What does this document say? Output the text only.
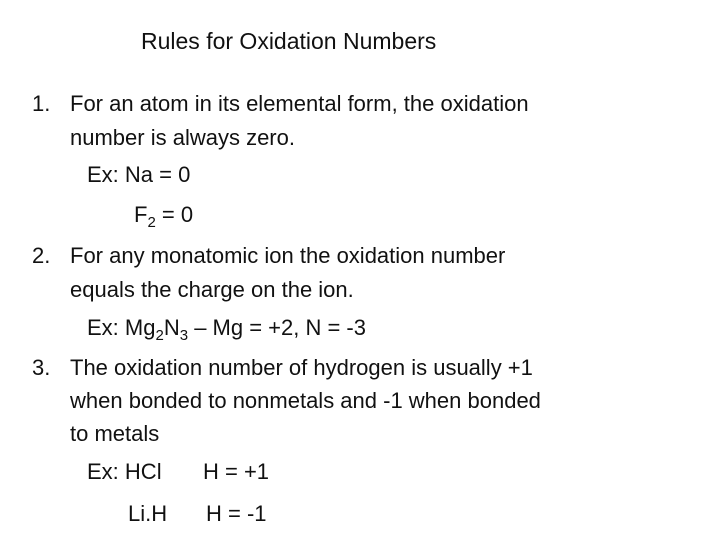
Rules for Oxidation Numbers
1. For an atom in its elemental form, the oxidation
number is always zero.
Ex: Na = 0
$F_2 = 0$
2. For any monatomic ion the oxidation number
equals the charge on the ion.
Ex: $Mg_2N_3 - Mg = +2$, N = -3
3. The oxidation number of hydrogen is usually +1
when bonded to nonmetals and -1 when bonded
to metals
Ex: HCl H = +1
Li.H H = -1
